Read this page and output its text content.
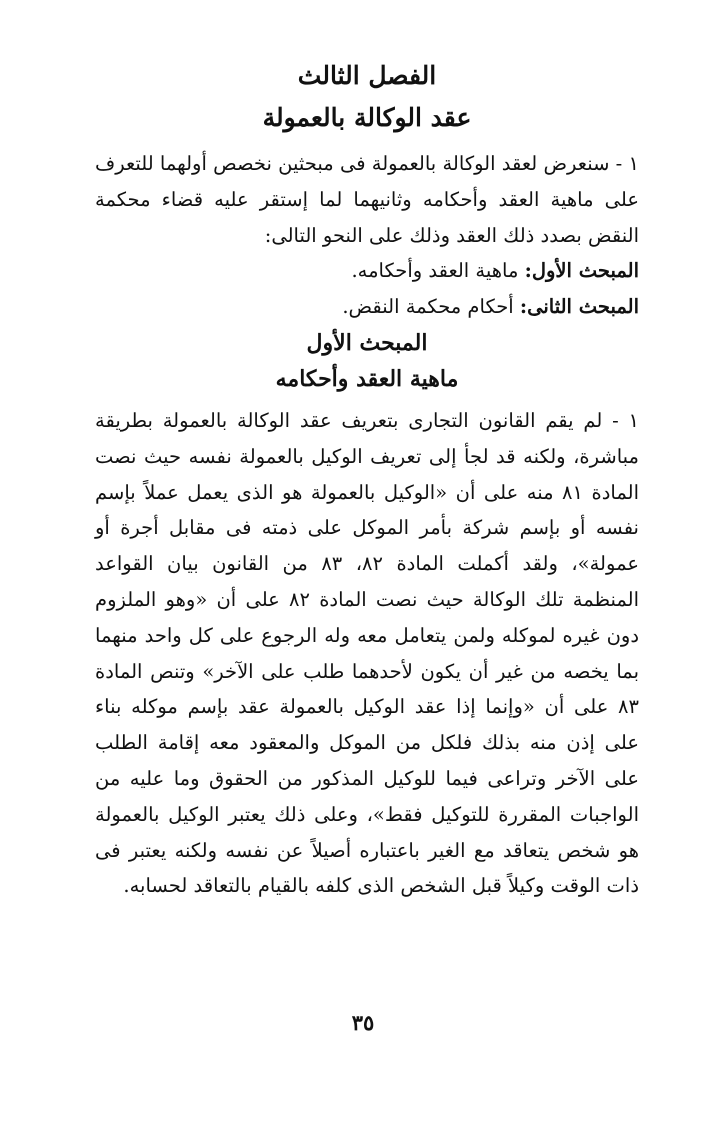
الفصل الثالث
عقد الوكالة بالعمولة

١ - سنعرض لعقد الوكالة بالعمولة فى مبحثين نخصص أولهما للتعرف على ماهية العقد وأحكامه وثانيهما لما إستقر عليه قضاء محكمة النقض بصدد ذلك العقد وذلك على النحو التالى:

المبحث الأول: ماهية العقد وأحكامه.
المبحث الثانى: أحكام محكمة النقض.
المبحث الأول
ماهية العقد وأحكامه

١ - لم يقم القانون التجارى بتعريف عقد الوكالة بالعمولة بطريقة مباشرة، ولكنه قد لجأ إلى تعريف الوكيل بالعمولة نفسه حيث نصت المادة ٨١ منه على أن «الوكيل بالعمولة هو الذى يعمل عملاً بإسم نفسه أو بإسم شركة بأمر الموكل على ذمته فى مقابل أجرة أو عمولة»، ولقد أكملت المادة ٨٢، ٨٣ من القانون بيان القواعد المنظمة تلك الوكالة حيث نصت المادة ٨٢ على أن «وهو الملزوم دون غيره لموكله ولمن يتعامل معه وله الرجوع على كل واحد منهما بما يخصه من غير أن يكون لأحدهما طلب على الآخر» وتنص المادة ٨٣ على أن «وإنما إذا عقد الوكيل بالعمولة عقد بإسم موكله بناء على إذن منه بذلك فلكل من الموكل والمعقود معه إقامة الطلب على الآخر وتراعى فيما للوكيل المذكور من الحقوق وما عليه من الواجبات المقررة للتوكيل فقط»، وعلى ذلك يعتبر الوكيل بالعمولة هو شخص يتعاقد مع الغير باعتباره أصيلاً عن نفسه ولكنه يعتبر فى ذات الوقت وكيلاً قبل الشخص الذى كلفه بالقيام بالتعاقد لحسابه.

٣٥
